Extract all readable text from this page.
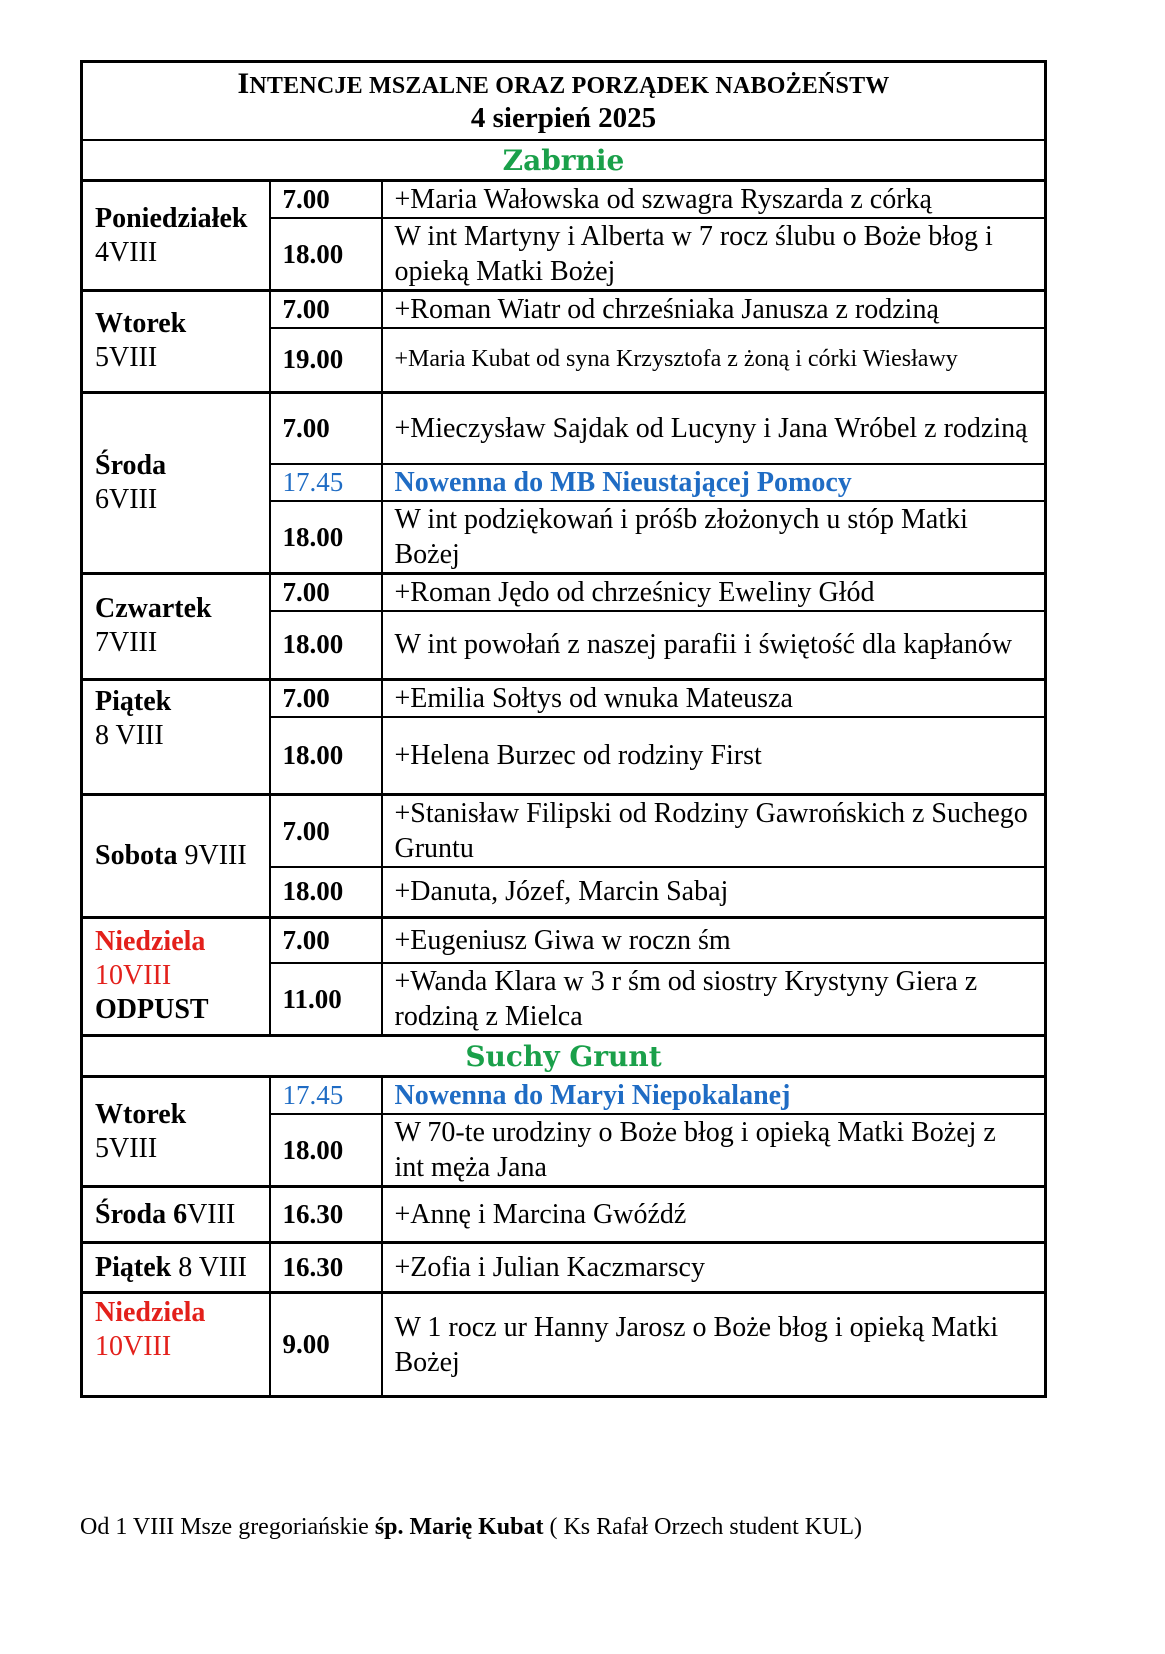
INTENCJE MSZALNE ORAZ PORZĄDEK NABOŻEŃSTW
4 sierpień 2025		

Zabrnie		

Poniedziałek
4VIII	7.00	+Maria Wałowska od szwagra Ryszarda z córką
	18.00	W int Martyny i Alberta w 7 rocz ślubu o Boże błog i opieką Matki Bożej

Wtorek
5VIII	7.00	+Roman Wiatr od chrześniaka Janusza z rodziną
	19.00	+Maria Kubat od syna Krzysztofa z żoną i córki Wiesławy

Środa
6VIII	7.00	+Mieczysław Sajdak od Lucyny i Jana Wróbel z rodziną
	17.45	Nowenna do MB Nieustającej Pomocy
	18.00	W int podziękowań i próśb złożonych u stóp Matki Bożej

Czwartek
7VIII	7.00	+Roman Jędo od chrześnicy Eweliny Głód
	18.00	W int powołań z naszej parafii i świętość dla kapłanów

Piątek
8 VIII	7.00	+Emilia Sołtys od wnuka Mateusza
	18.00	+Helena Burzec od rodziny First
Sobota 9VIII	7.00	+Stanisław Filipski od Rodziny Gawrońskich z Suchego Gruntu
	18.00	+Danuta, Józef, Marcin Sabaj

Niedziela
10VIII
ODPUST	7.00	+Eugeniusz Giwa w roczn śm
	11.00	+Wanda Klara w 3 r śm od siostry Krystyny Giera z rodziną z Mielca
Suchy Grunt		

Wtorek
5VIII	17.45	Nowenna do Maryi Niepokalanej
	18.00	W 70-te urodziny o Boże błog i opieką Matki Bożej z int męża Jana
Środa 6VIII	16.30	+Annę i Marcina Gwóźdź
Piątek 8 VIII	16.30	+Zofia i Julian Kaczmarscy

Niedziela
10VIII	9.00	W 1 rocz ur Hanny Jarosz o Boże błog i opieką Matki Bożej
Od 1 VIII Msze gregoriańskie śp. Marię Kubat ( Ks Rafał Orzech student KUL)
